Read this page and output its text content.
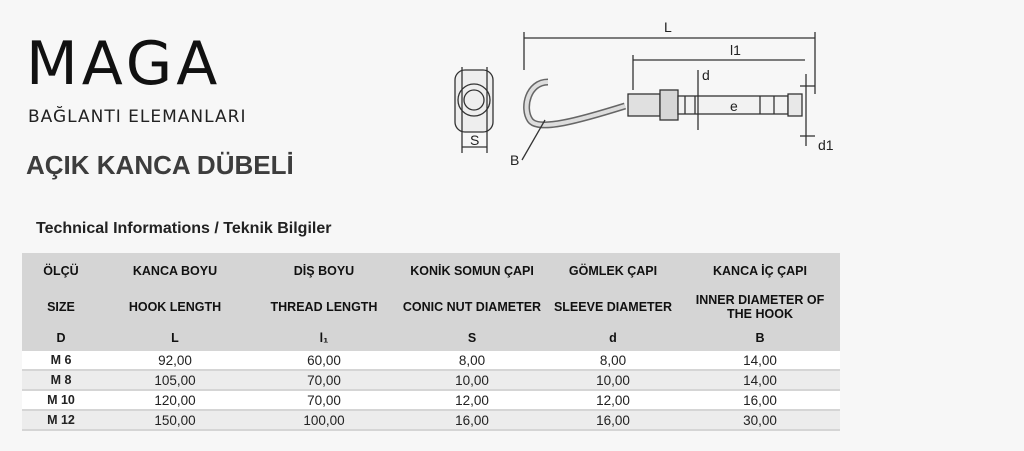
MAGA
BAĞLANTI ELEMANLARI
AÇIK KANCA DÜBELİ
L
l1
d
e
d1
S
B
Technical Informations / Teknik Bilgiler
ÖLÇÜ	KANCA BOYU	DİŞ BOYU	KONİK SOMUN ÇAPI	GÖMLEK ÇAPI	KANCA İÇ ÇAPI
SIZE	HOOK LENGTH	THREAD LENGTH	CONIC NUT DIAMETER	SLEEVE DIAMETER	INNER DIAMETER OF THE HOOK
D	L	l₁	S	d	B
M 6	92,00	60,00	8,00	8,00	14,00
M 8	105,00	70,00	10,00	10,00	14,00
M 10	120,00	70,00	12,00	12,00	16,00
M 12	150,00	100,00	16,00	16,00	30,00
